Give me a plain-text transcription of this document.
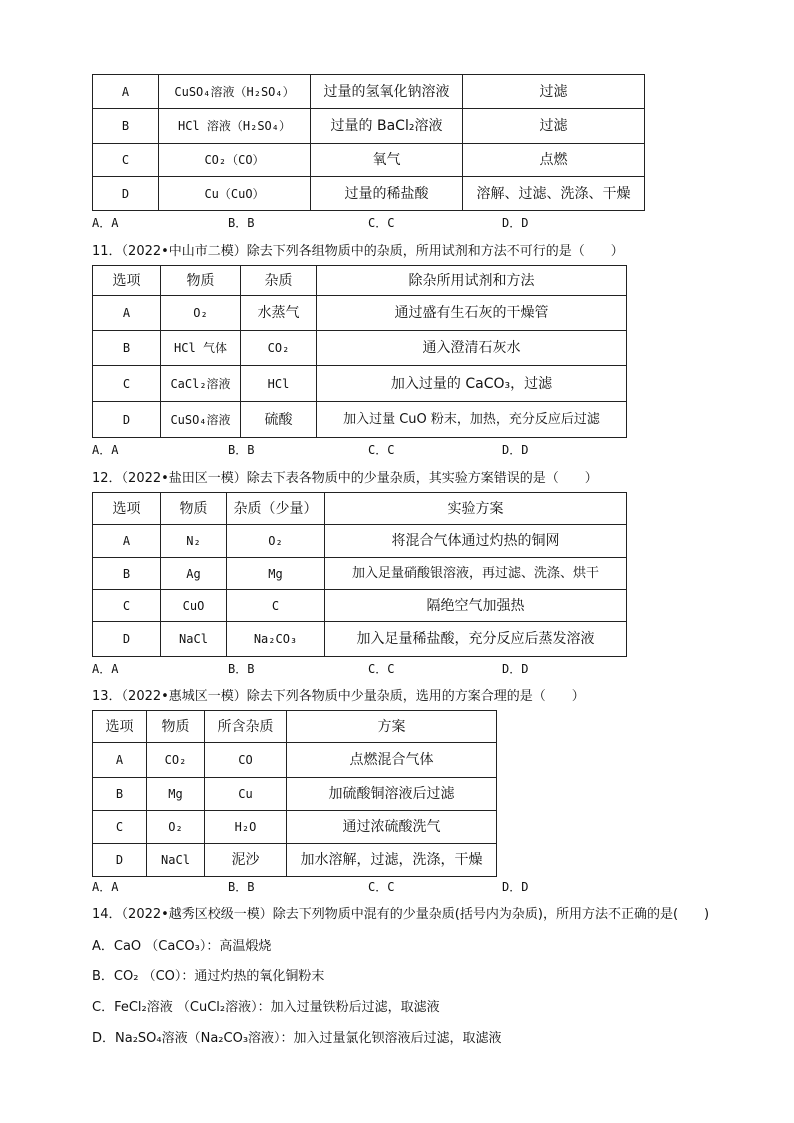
A	CuSO₄溶液（H₂SO₄）	过量的氢氧化钠溶液	过滤
B	HCl 溶液（H₂SO₄）	过量的 BaCl₂溶液	过滤
C	CO₂（CO）	氧气	点燃
D	Cu（CuO）	过量的稀盐酸	溶解、过滤、洗涤、干燥
A．A	B．B	C．C	D．D
11．（2022•中山市二模）除去下列各组物质中的杂质，所用试剂和方法不可行的是（　　）
选项	物质	杂质	除杂所用试剂和方法
A	O₂	水蒸气	通过盛有生石灰的干燥管
B	HCl 气体	CO₂	通入澄清石灰水
C	CaCl₂溶液	HCl	加入过量的 CaCO₃，过滤
D	CuSO₄溶液	硫酸	加入过量 CuO 粉末，加热，充分反应后过滤
A．A	B．B	C．C	D．D
12．（2022•盐田区一模）除去下表各物质中的少量杂质，其实验方案错误的是（　　）
选项	物质	杂质（少量）	实验方案
A	N₂	O₂	将混合气体通过灼热的铜网
B	Ag	Mg	加入足量硝酸银溶液，再过滤、洗涤、烘干
C	CuO	C	隔绝空气加强热
D	NaCl	Na₂CO₃	加入足量稀盐酸，充分反应后蒸发溶液
A．A	B．B	C．C	D．D
13．（2022•惠城区一模）除去下列各物质中少量杂质，选用的方案合理的是（　　）
选项	物质	所含杂质	方案
A	CO₂	CO	点燃混合气体
B	Mg	Cu	加硫酸铜溶液后过滤
C	O₂	H₂O	通过浓硫酸洗气
D	NaCl	泥沙	加水溶解，过滤，洗涤，干燥
A．A	B．B	C．C	D．D
14．（2022•越秀区校级一模）除去下列物质中混有的少量杂质(括号内为杂质)，所用方法不正确的是(　　)
A．CaO （CaCO₃）：高温煅烧
B．CO₂ （CO）：通过灼热的氧化铜粉末
C．FeCl₂溶液 （CuCl₂溶液）：加入过量铁粉后过滤，取滤液
D．Na₂SO₄溶液（Na₂CO₃溶液）：加入过量氯化钡溶液后过滤，取滤液
